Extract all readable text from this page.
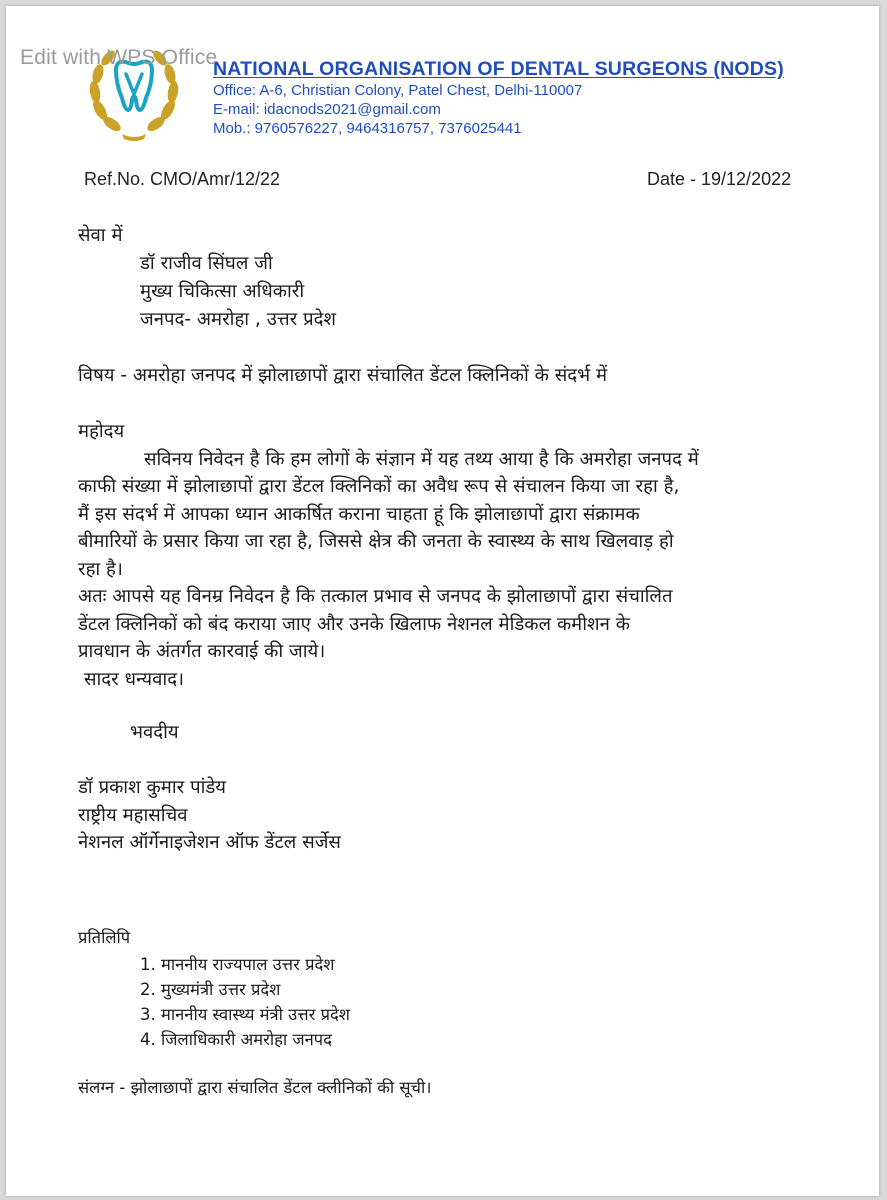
Edit with WPS Office
NATIONAL ORGANISATION OF DENTAL SURGEONS (NODS)
Office: A-6, Christian Colony, Patel Chest, Delhi-110007
E-mail: idacnods2021@gmail.com
Mob.: 9760576227, 9464316757, 7376025441
Ref.No. CMO/Amr/12/22	Date - 19/12/2022
सेवा में
डॉ राजीव सिंघल जी
मुख्य चिकित्सा अधिकारी
जनपद- अमरोहा , उत्तर प्रदेश
विषय - अमरोहा जनपद में झोलाछापों द्वारा संचालित डेंटल क्लिनिकों के संदर्भ में
महोदय
सविनय निवेदन है कि हम लोगों के संज्ञान में यह तथ्य आया है कि अमरोहा जनपद में
काफी संख्या में झोलाछापों द्वारा डेंटल क्लिनिकों का अवैध रूप से संचालन किया जा रहा है,
मैं इस संदर्भ में आपका ध्यान आकर्षित कराना चाहता हूं कि झोलाछापों द्वारा संक्रामक
बीमारियों के प्रसार किया जा रहा है, जिससे क्षेत्र की जनता के स्वास्थ्य के साथ खिलवाड़ हो
रहा है।
अतः आपसे यह विनम्र निवेदन है कि तत्काल प्रभाव से जनपद के झोलाछापों द्वारा संचालित
डेंटल क्लिनिकों को बंद कराया जाए और उनके खिलाफ नेशनल मेडिकल कमीशन के
प्रावधान के अंतर्गत कारवाई की जाये।
सादर धन्यवाद।
भवदीय
डॉ प्रकाश कुमार पांडेय
राष्ट्रीय महासचिव
नेशनल ऑर्गेनाइजेशन ऑफ डेंटल सर्जेस
प्रतिलिपि
1. माननीय राज्यपाल उत्तर प्रदेश
2. मुख्यमंत्री उत्तर प्रदेश
3. माननीय स्वास्थ्य मंत्री उत्तर प्रदेश
4. जिलाधिकारी अमरोहा जनपद
संलग्न - झोलाछापों द्वारा संचालित डेंटल क्लीनिकों की सूची।
